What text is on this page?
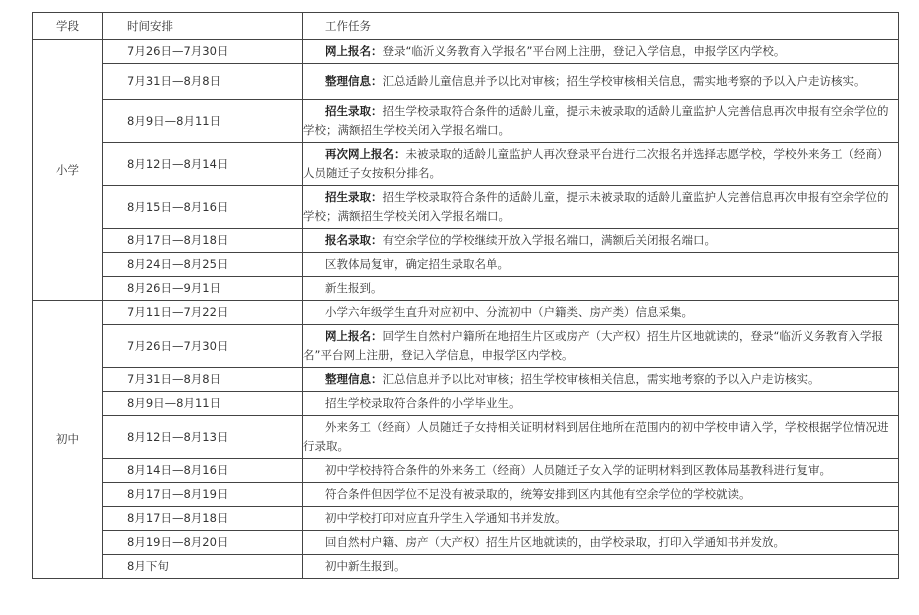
学段	时间安排	工作任务
小学	7月26日—7月30日	网上报名：登录“临沂义务教育入学报名”平台网上注册，登记入学信息，申报学区内学校。

	7月31日—8月8日	整理信息：汇总适龄儿童信息并予以比对审核；招生学校审核相关信息，需实地考察的予以入户走访核实。

	8月9日—8月11日	招生录取：招生学校录取符合条件的适龄儿童，提示未被录取的适龄儿童监护人完善信息再次申报有空余学位的学校；满额招生学校关闭入学报名端口。

	8月12日—8月14日	再次网上报名：未被录取的适龄儿童监护人再次登录平台进行二次报名并选择志愿学校，学校外来务工（经商）人员随迁子女按积分排名。

	8月15日—8月16日	招生录取：招生学校录取符合条件的适龄儿童，提示未被录取的适龄儿童监护人完善信息再次申报有空余学位的学校；满额招生学校关闭入学报名端口。

	8月17日—8月18日	报名录取：有空余学位的学校继续开放入学报名端口，满额后关闭报名端口。

	8月24日—8月25日	区教体局复审，确定招生录取名单。

	8月26日—9月1日	新生报到。

初中	7月11日—7月22日	小学六年级学生直升对应初中、分流初中（户籍类、房产类）信息采集。

	7月26日—7月30日	网上报名：回学生自然村户籍所在地招生片区或房产（大产权）招生片区地就读的，登录“临沂义务教育入学报名”平台网上注册，登记入学信息，申报学区内学校。

	7月31日—8月8日	整理信息：汇总信息并予以比对审核；招生学校审核相关信息，需实地考察的予以入户走访核实。

	8月9日—8月11日	招生学校录取符合条件的小学毕业生。

	8月12日—8月13日	外来务工（经商）人员随迁子女持相关证明材料到居住地所在范围内的初中学校申请入学，学校根据学位情况进行录取。

	8月14日—8月16日	初中学校持符合条件的外来务工（经商）人员随迁子女入学的证明材料到区教体局基教科进行复审。

	8月17日—8月19日	符合条件但因学位不足没有被录取的，统筹安排到区内其他有空余学位的学校就读。

	8月17日—8月18日	初中学校打印对应直升学生入学通知书并发放。

	8月19日—8月20日	回自然村户籍、房产（大产权）招生片区地就读的，由学校录取，打印入学通知书并发放。

	8月下旬	初中新生报到。
